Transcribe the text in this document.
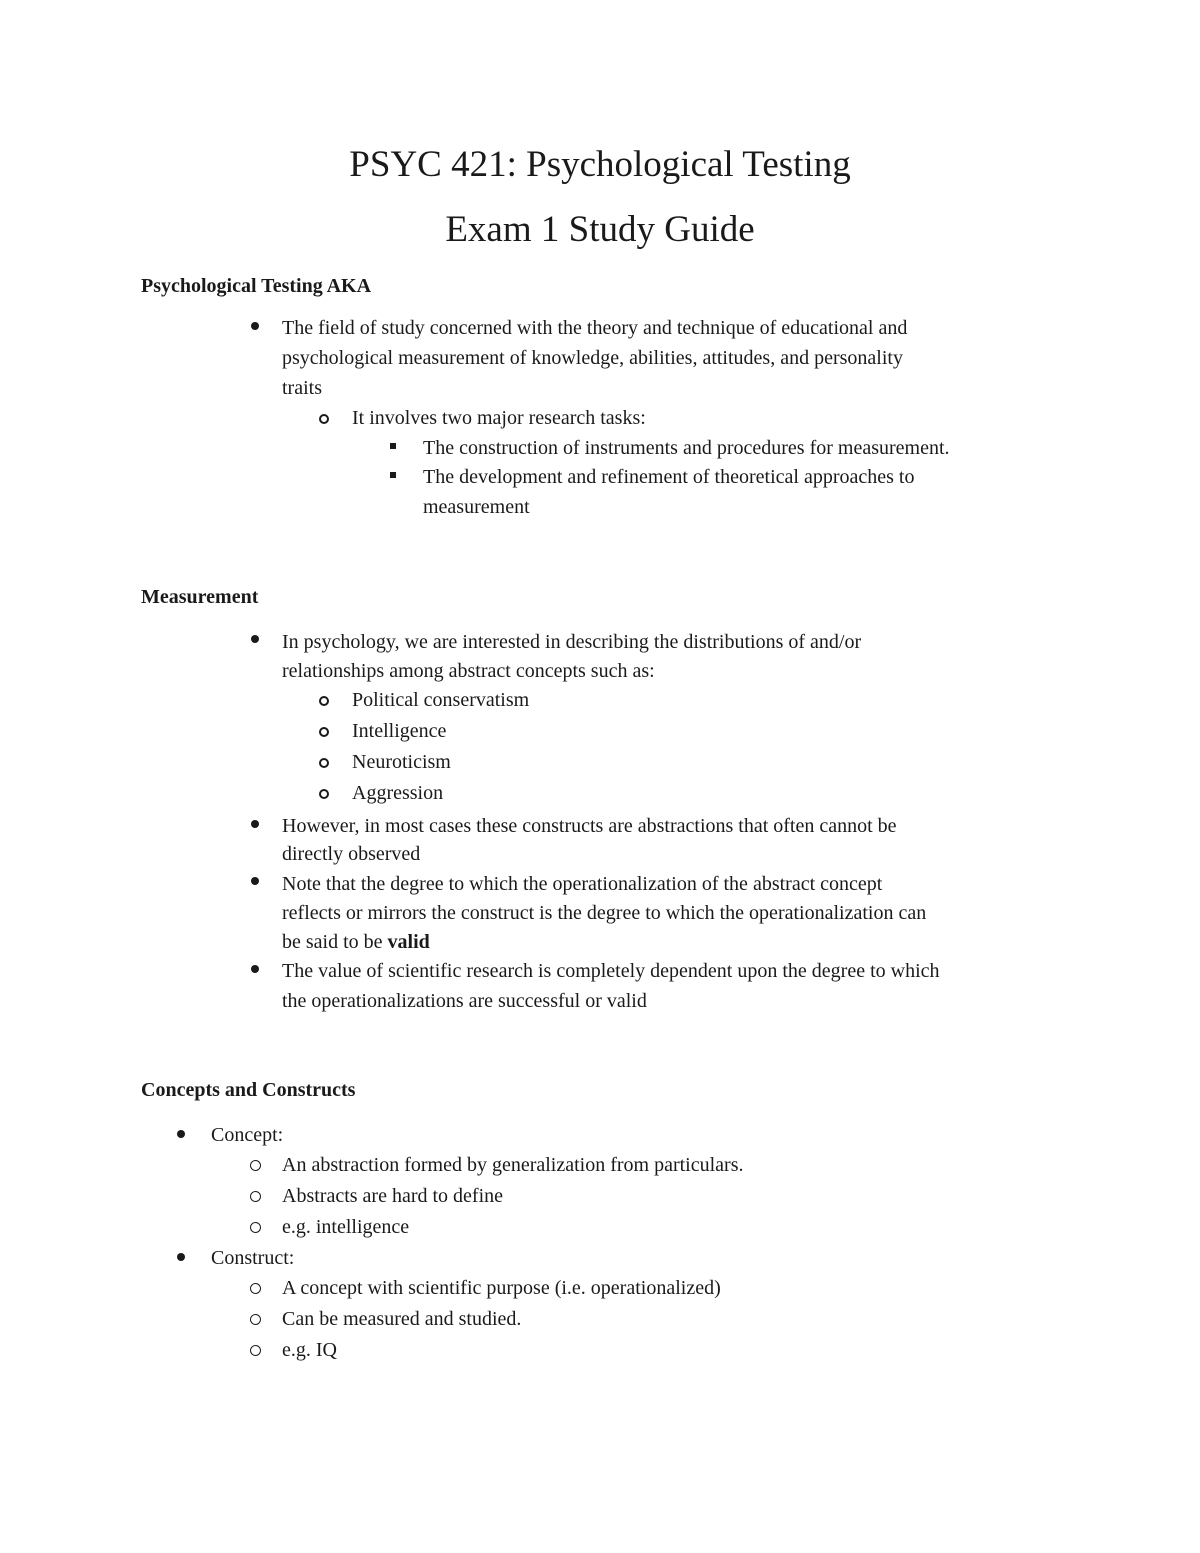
PSYC 421: Psychological Testing
Exam 1 Study Guide
Psychological Testing AKA
The field of study concerned with the theory and technique of educational and
psychological measurement of knowledge, abilities, attitudes, and personality
traits
It involves two major research tasks:
The construction of instruments and procedures for measurement.
The development and refinement of theoretical approaches to
measurement
Measurement
In psychology, we are interested in describing the distributions of and/or
relationships among abstract concepts such as:
Political conservatism
Intelligence
Neuroticism
Aggression
However, in most cases these constructs are abstractions that often cannot be
directly observed
Note that the degree to which the operationalization of the abstract concept
reflects or mirrors the construct is the degree to which the operationalization can
be said to be valid
The value of scientific research is completely dependent upon the degree to which
the operationalizations are successful or valid
Concepts and Constructs
Concept:
An abstraction formed by generalization from particulars.
Abstracts are hard to define
e.g. intelligence
Construct:
A concept with scientific purpose (i.e. operationalized)
Can be measured and studied.
e.g. IQ
